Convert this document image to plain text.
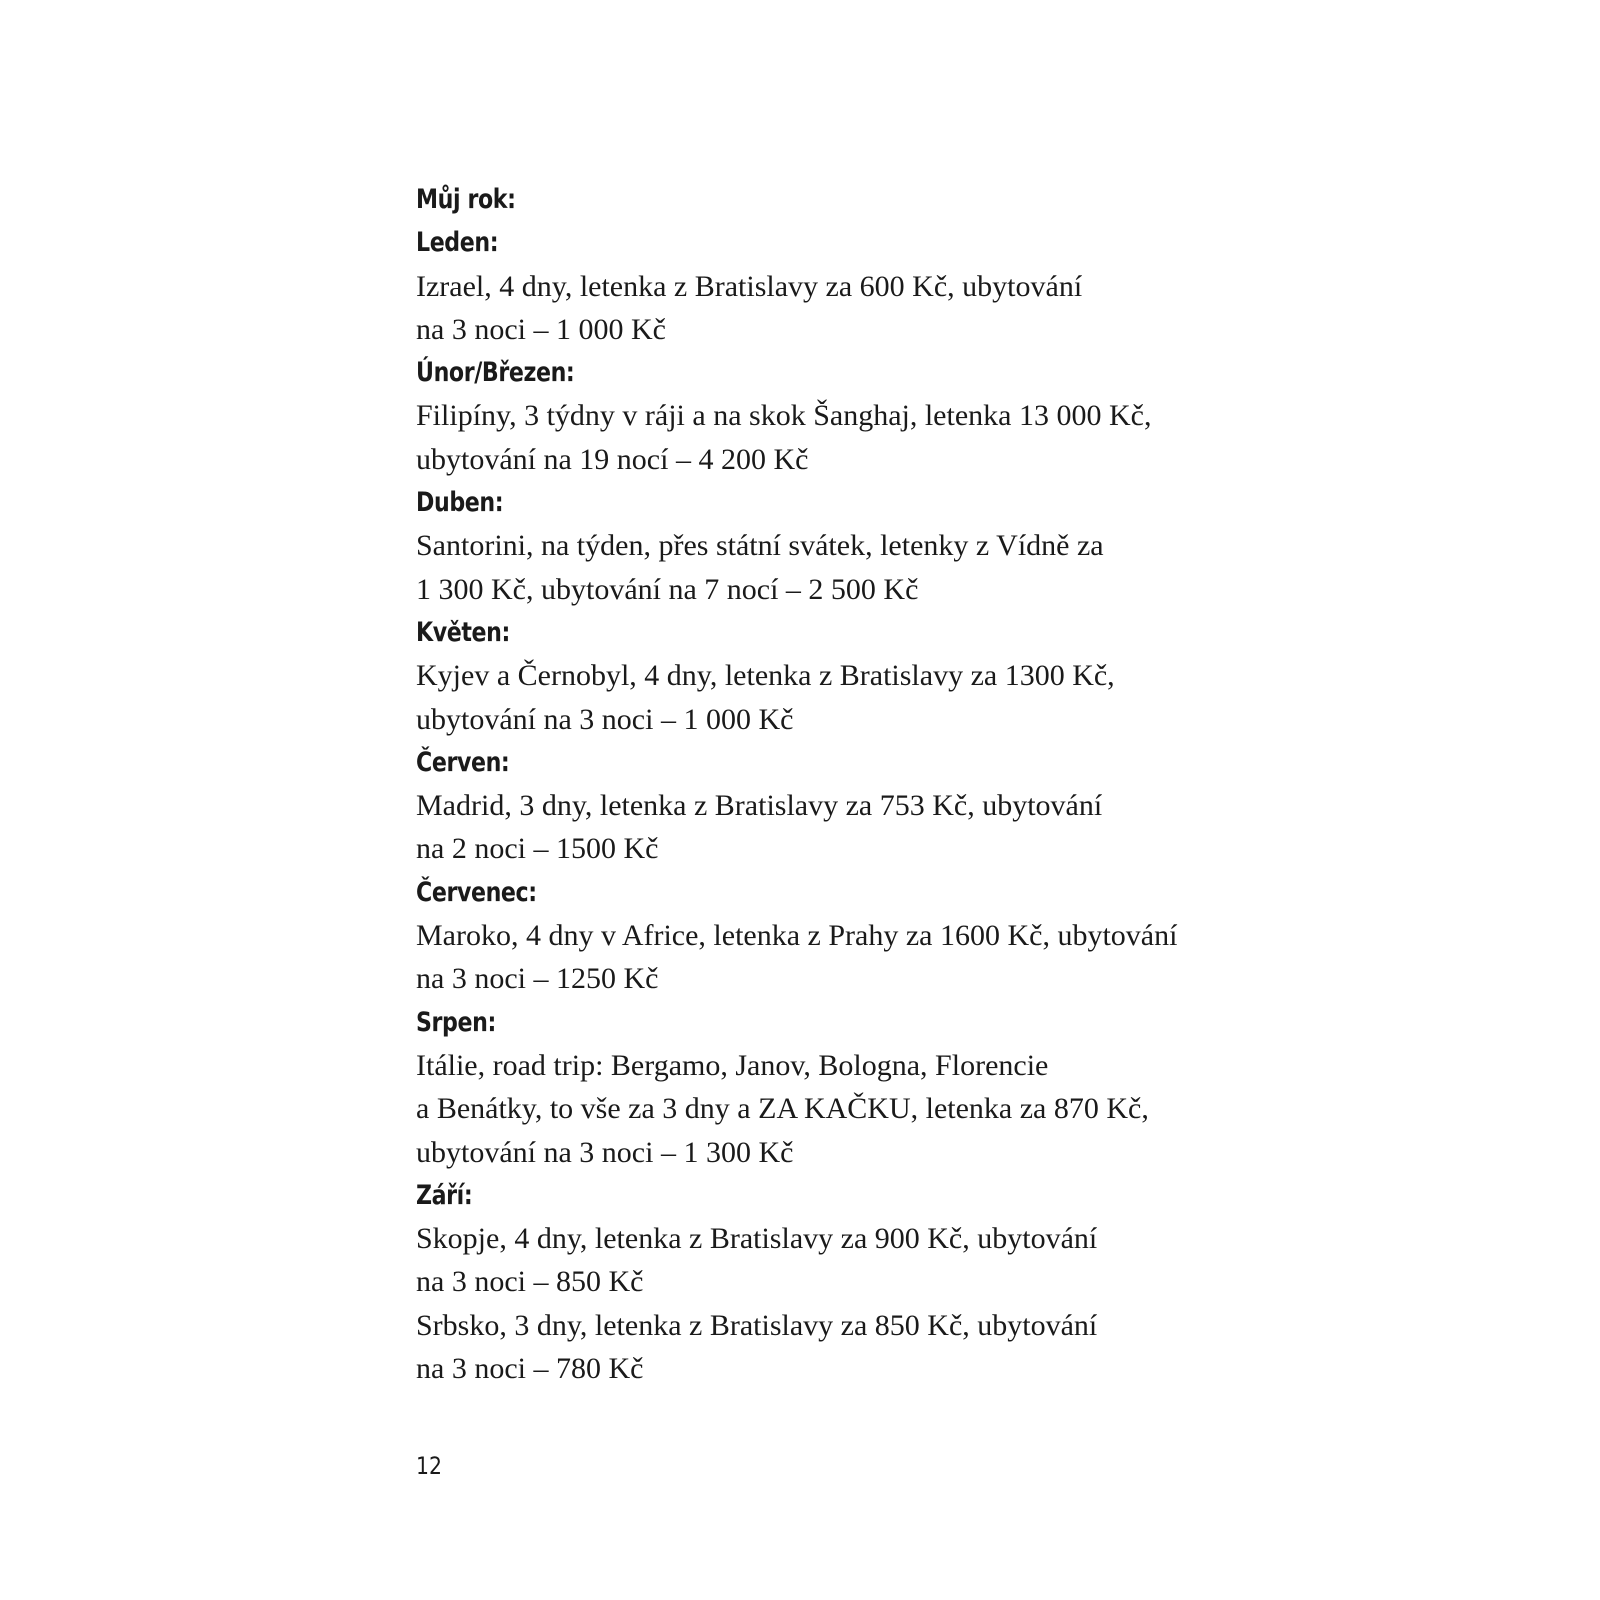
Můj rok:
Leden:
Izrael, 4 dny, letenka z Bratislavy za 600 Kč, ubytování
na 3 noci – 1 000 Kč
Únor/Březen:
Filipíny, 3 týdny v ráji a na skok Šanghaj, letenka 13 000 Kč,
ubytování na 19 nocí – 4 200 Kč
Duben:
Santorini, na týden, přes státní svátek, letenky z Vídně za
1 300 Kč, ubytování na 7 nocí – 2 500 Kč
Květen:
Kyjev a Černobyl, 4 dny, letenka z Bratislavy za 1300 Kč,
ubytování na 3 noci – 1 000 Kč
Červen:
Madrid, 3 dny, letenka z Bratislavy za 753 Kč, ubytování
na 2 noci – 1500 Kč
Červenec:
Maroko, 4 dny v Africe, letenka z Prahy za 1600 Kč, ubytování
na 3 noci – 1250 Kč
Srpen:
Itálie, road trip: Bergamo, Janov, Bologna, Florencie
a Benátky, to vše za 3 dny a ZA KAČKU, letenka za 870 Kč,
ubytování na 3 noci – 1 300 Kč
Září:
Skopje, 4 dny, letenka z Bratislavy za 900 Kč, ubytování
na 3 noci – 850 Kč
Srbsko, 3 dny, letenka z Bratislavy za 850 Kč, ubytování
na 3 noci – 780 Kč
12
